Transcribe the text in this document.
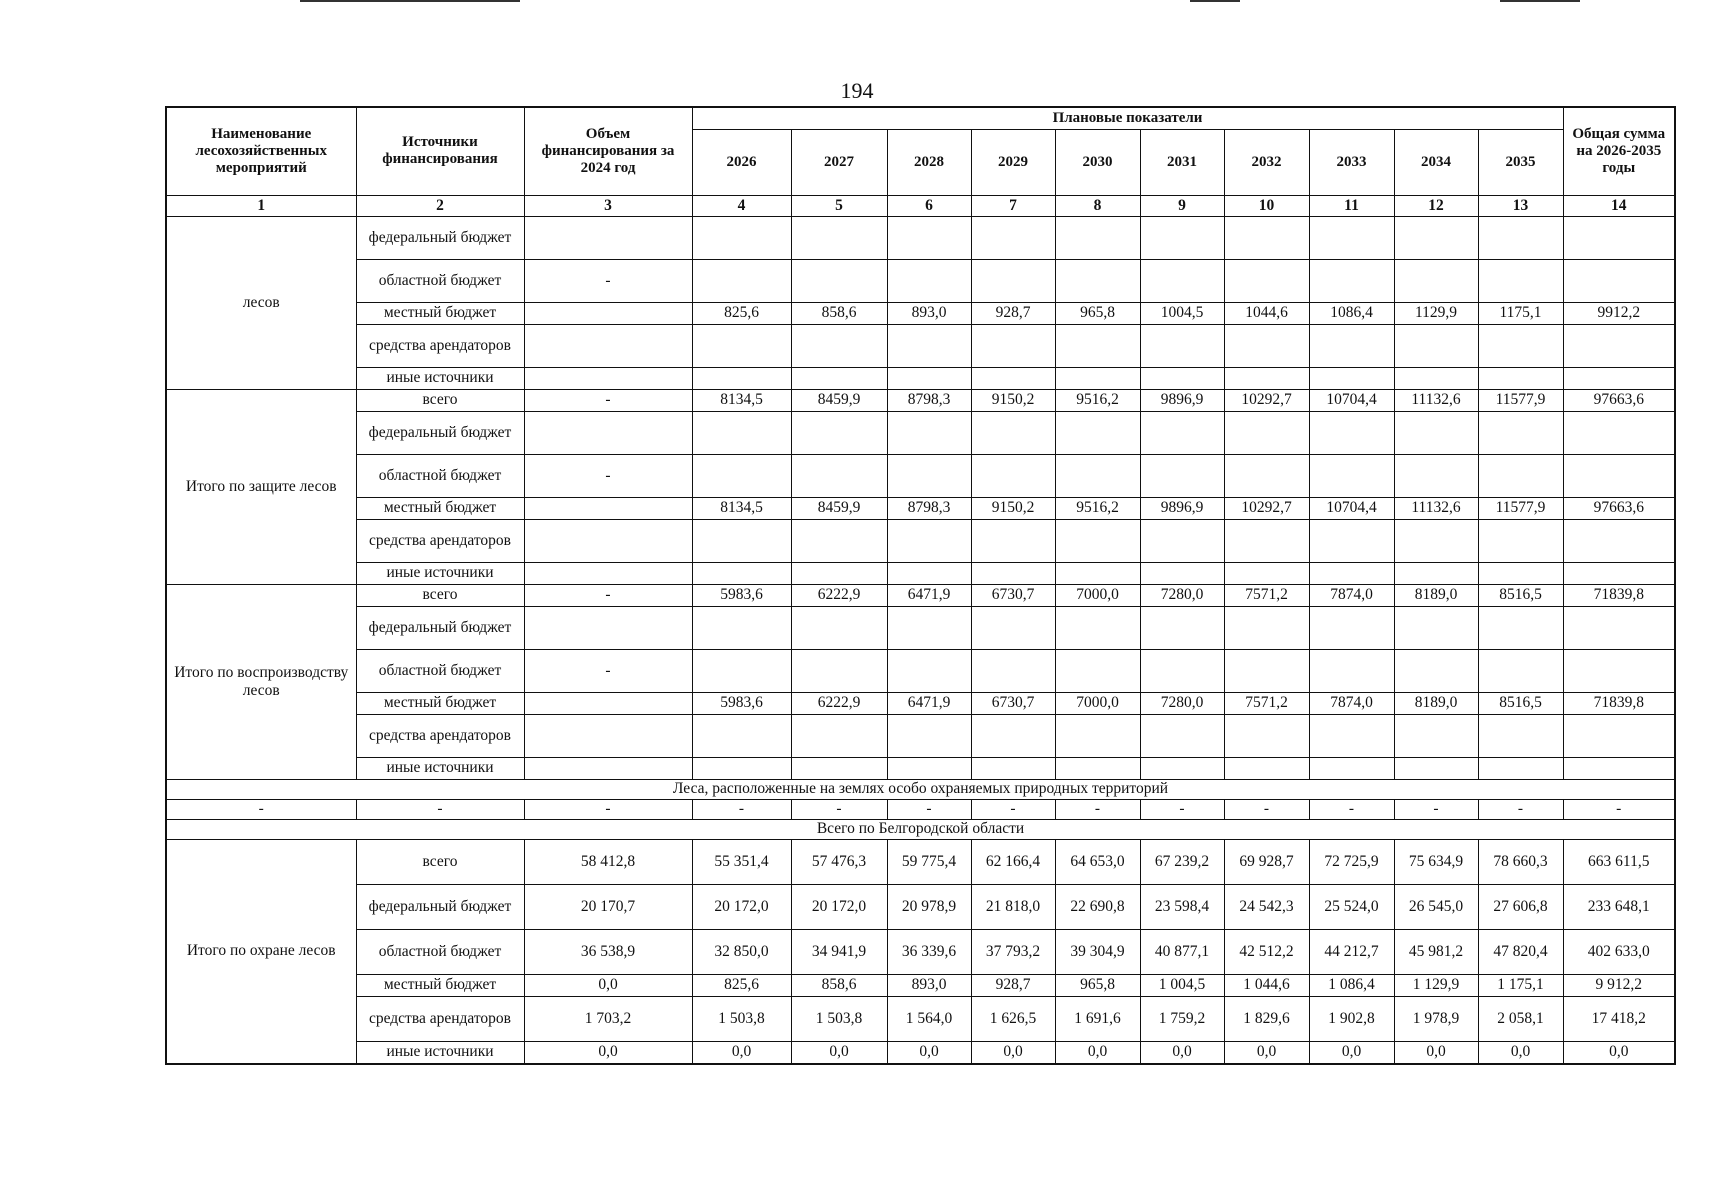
194
Наименование лесохозяйственных мероприятий	Источники финансирования	Объем финансирования за 2024 год	Плановые показатели										Общая сумма на 2026-2035 годы
			2026	2027	2028	2029	2030	2031	2032	2033	2034	2035	
1	2	3	4	5	6	7	8	9	10	11	12	13	14
лесов	федеральный бюджет												
	областной бюджет	-											
	местный бюджет		825,6	858,6	893,0	928,7	965,8	1004,5	1044,6	1086,4	1129,9	1175,1	9912,2
	средства арендаторов												
	иные источники												
Итого по защите лесов	всего	-	8134,5	8459,9	8798,3	9150,2	9516,2	9896,9	10292,7	10704,4	11132,6	11577,9	97663,6
	федеральный бюджет												
	областной бюджет	-											
	местный бюджет		8134,5	8459,9	8798,3	9150,2	9516,2	9896,9	10292,7	10704,4	11132,6	11577,9	97663,6
	средства арендаторов												
	иные источники												
Итого по воспроизводству лесов	всего	-	5983,6	6222,9	6471,9	6730,7	7000,0	7280,0	7571,2	7874,0	8189,0	8516,5	71839,8
	федеральный бюджет												
	областной бюджет	-											
	местный бюджет		5983,6	6222,9	6471,9	6730,7	7000,0	7280,0	7571,2	7874,0	8189,0	8516,5	71839,8
	средства арендаторов												
	иные источники												
Леса, расположенные на землях особо охраняемых природных территорий													
-	-	-	-	-	-	-	-	-	-	-	-	-	-
Всего по Белгородской области													
Итого по охране лесов	всего	58 412,8	55 351,4	57 476,3	59 775,4	62 166,4	64 653,0	67 239,2	69 928,7	72 725,9	75 634,9	78 660,3	663 611,5
	федеральный бюджет	20 170,7	20 172,0	20 172,0	20 978,9	21 818,0	22 690,8	23 598,4	24 542,3	25 524,0	26 545,0	27 606,8	233 648,1
	областной бюджет	36 538,9	32 850,0	34 941,9	36 339,6	37 793,2	39 304,9	40 877,1	42 512,2	44 212,7	45 981,2	47 820,4	402 633,0
	местный бюджет	0,0	825,6	858,6	893,0	928,7	965,8	1 004,5	1 044,6	1 086,4	1 129,9	1 175,1	9 912,2
	средства арендаторов	1 703,2	1 503,8	1 503,8	1 564,0	1 626,5	1 691,6	1 759,2	1 829,6	1 902,8	1 978,9	2 058,1	17 418,2
	иные источники	0,0	0,0	0,0	0,0	0,0	0,0	0,0	0,0	0,0	0,0	0,0	0,0
